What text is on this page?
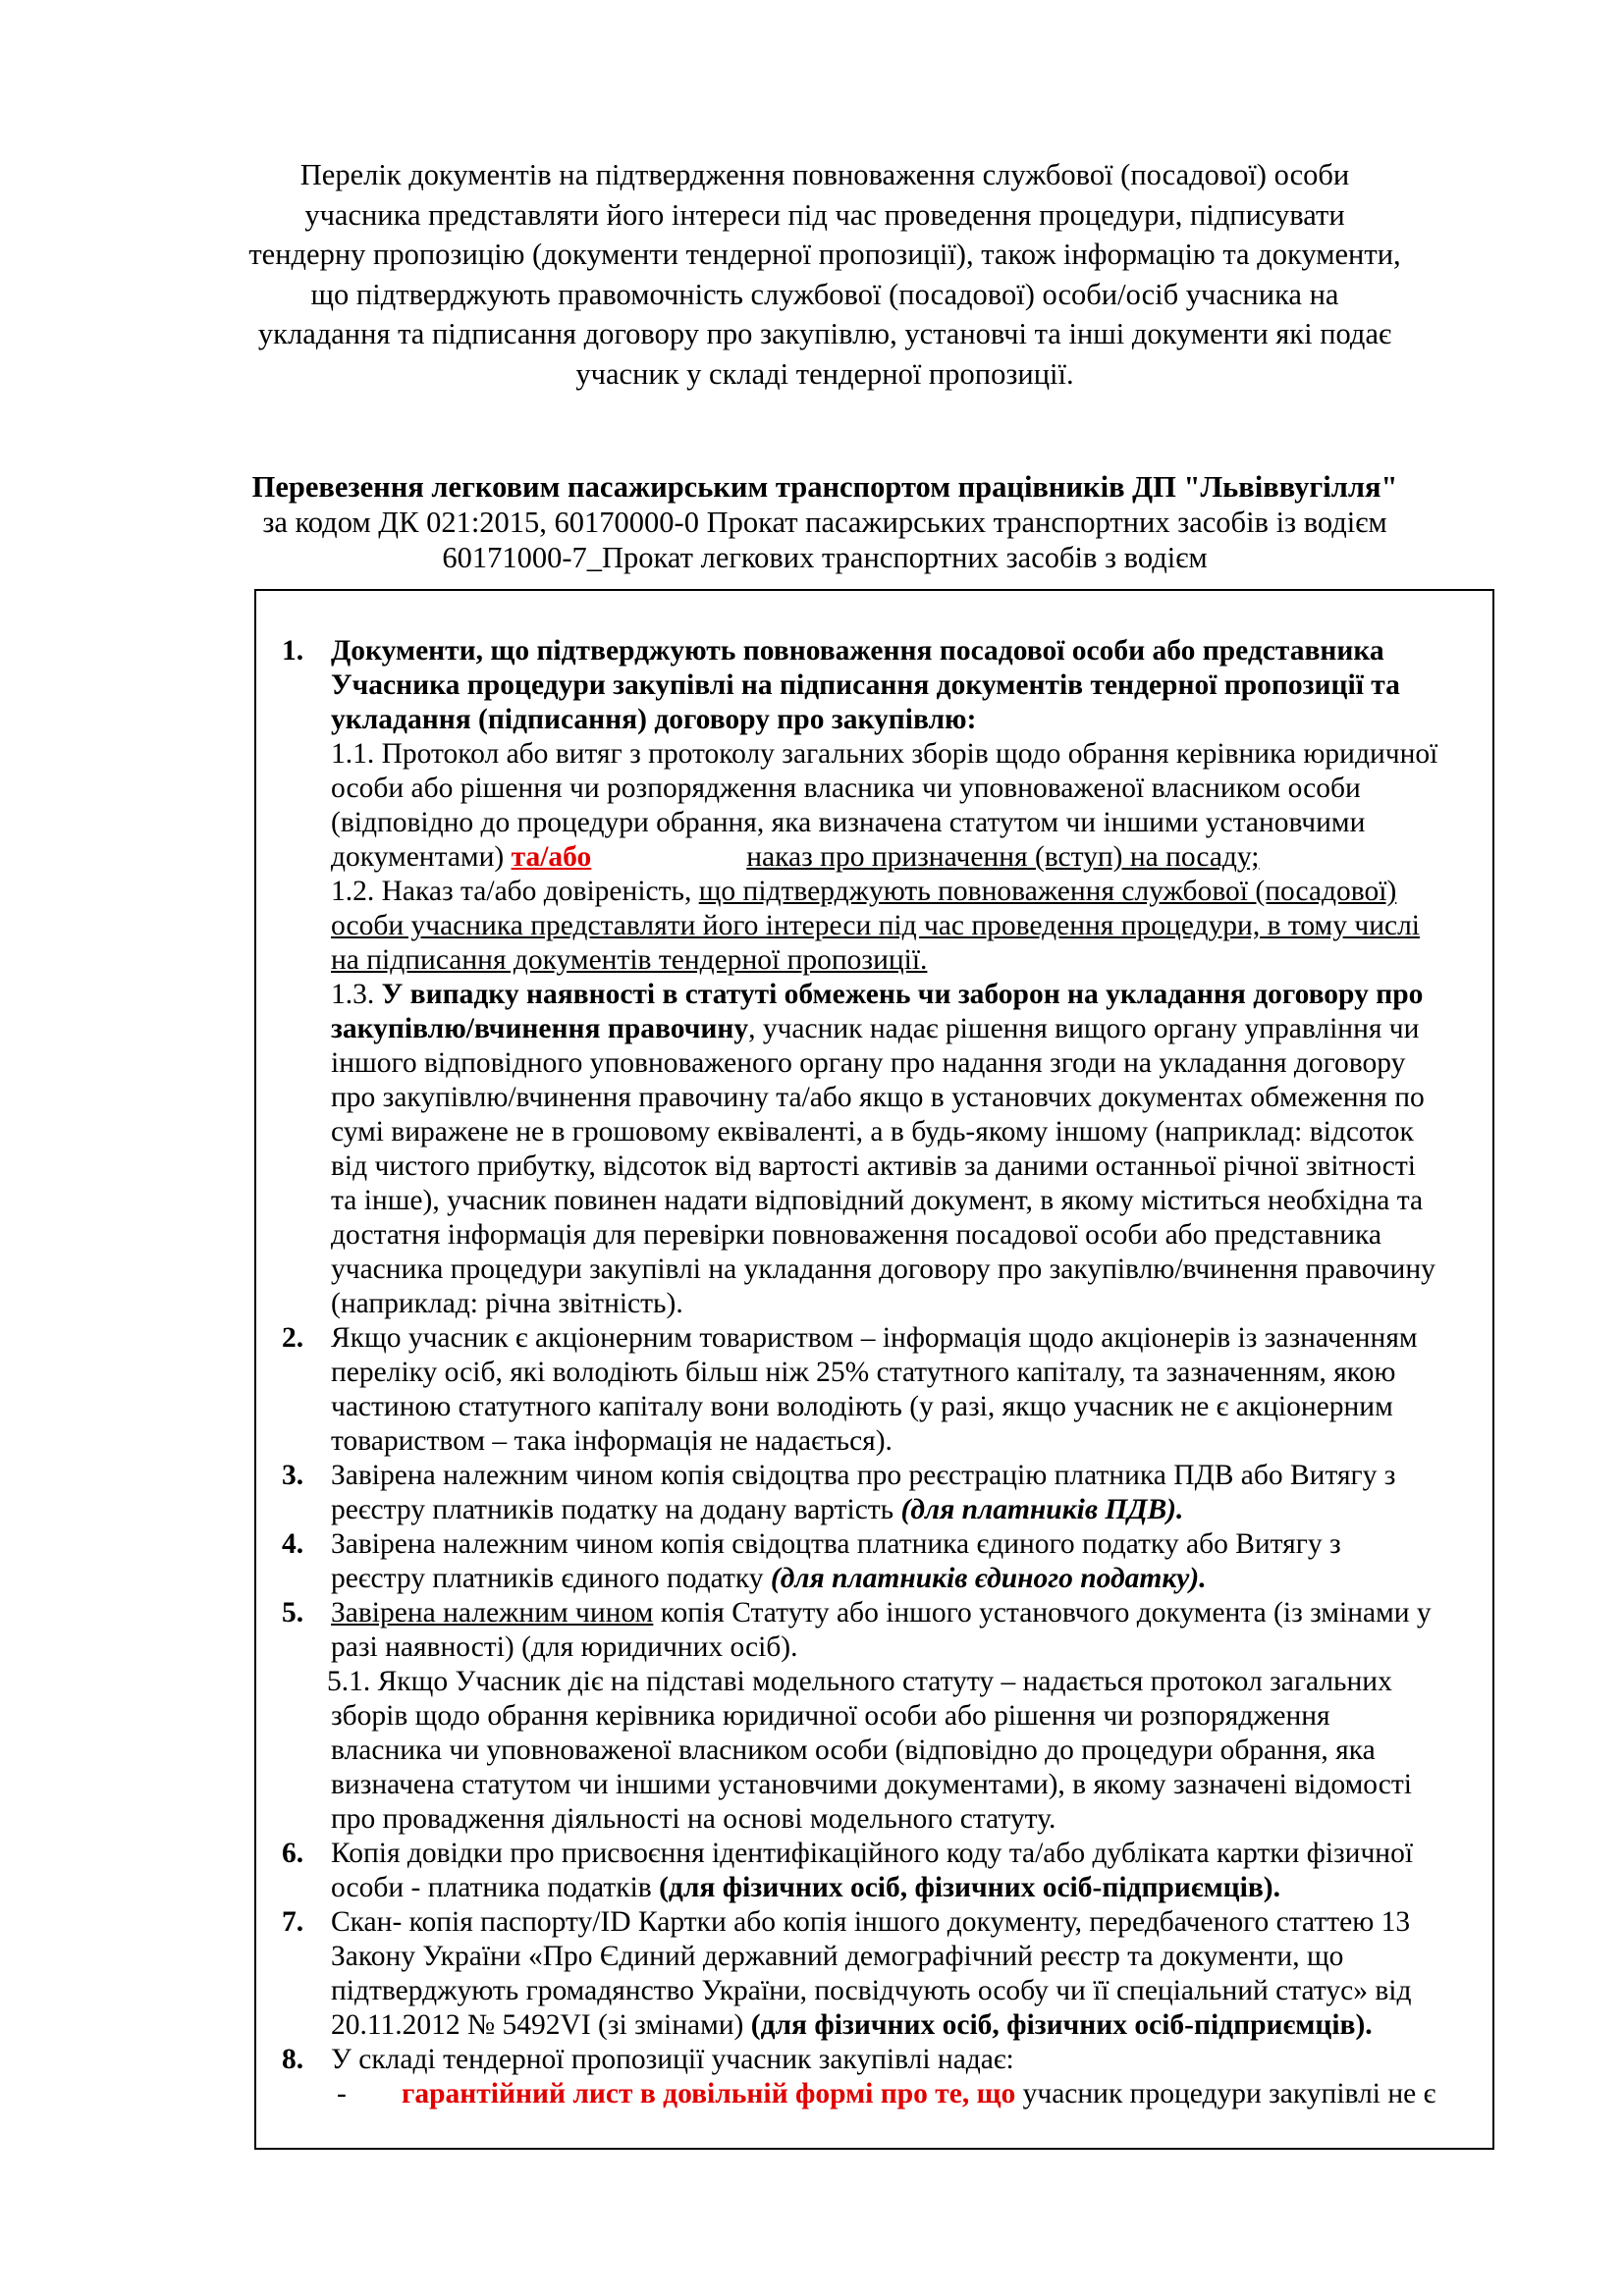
Перелік документів на підтвердження повноваження службової (посадової) особи
учасника представляти його інтереси під час проведення процедури, підписувати
тендерну пропозицію (документи тендерної пропозиції), також інформацію та документи,
що підтверджують правомочність службової (посадової) особи/осіб учасника на
укладання та підписання договору про закупівлю, установчі та інші документи які подає
учасник у складі тендерної пропозиції.
Перевезення легковим пасажирським транспортом працівників ДП "Львіввугілля"
за кодом ДК 021:2015, 60170000-0 Прокат пасажирських транспортних засобів із водієм
60171000-7_Прокат легкових транспортних засобів з водієм
1. Документи, що підтверджують повноваження посадової особи або представника
Учасника процедури закупівлі на підписання документів тендерної пропозиції та
укладання (підписання) договору про закупівлю:
1.1. Протокол або витяг з протоколу загальних зборів щодо обрання керівника юридичної
особи або рішення чи розпорядження власника чи уповноваженої власником особи
(відповідно до процедури обрання, яка визначена статутом чи іншими установчими
документами) та/або	наказ про призначення (вступ) на посаду;
1.2. Наказ та/або довіреність, що підтверджують повноваження службової (посадової)
особи учасника представляти його інтереси під час проведення процедури, в тому числі
на підписання документів тендерної пропозиції.
1.3. У випадку наявності в статуті обмежень чи заборон на укладання договору про
закупівлю/вчинення правочину, учасник надає рішення вищого органу управління чи
іншого відповідного уповноваженого органу про надання згоди на укладання договору
про закупівлю/вчинення правочину та/або якщо в установчих документах обмеження по
сумі виражене не в грошовому еквіваленті, а в будь-якому іншому (наприклад: відсоток
від чистого прибутку, відсоток від вартості активів за даними останньої річної звітності
та інше), учасник повинен надати відповідний документ, в якому міститься необхідна та
достатня інформація для перевірки повноваження посадової особи або представника
учасника процедури закупівлі на укладання договору про закупівлю/вчинення правочину
(наприклад: річна звітність).
2. Якщо учасник є акціонерним товариством – інформація щодо акціонерів із зазначенням
переліку осіб, які володіють більш ніж 25% статутного капіталу, та зазначенням, якою
частиною статутного капіталу вони володіють (у разі, якщо учасник не є акціонерним
товариством – така інформація не надається).
3. Завірена належним чином копія свідоцтва про реєстрацію платника ПДВ або Витягу з
реєстру платників податку на додану вартість (для платників ПДВ).
4. Завірена належним чином копія свідоцтва платника єдиного податку або Витягу з
реєстру платників єдиного податку (для платників єдиного податку).
5. Завірена належним чином копія Статуту або іншого установчого документа (із змінами у
разі наявності) (для юридичних осіб).
5.1. Якщо Учасник діє на підставі модельного статуту – надається протокол загальних
зборів щодо обрання керівника юридичної особи або рішення чи розпорядження
власника чи уповноваженої власником особи (відповідно до процедури обрання, яка
визначена статутом чи іншими установчими документами), в якому зазначені відомості
про провадження діяльності на основі модельного статуту.
6. Копія довідки про присвоєння ідентифікаційного коду та/або дубліката картки фізичної
особи - платника податків (для фізичних осіб, фізичних осіб-підприємців).
7. Скан- копія паспорту/ID Картки або копія іншого документу, передбаченого статтею 13
Закону України «Про Єдиний державний демографічний реєстр та документи, що
підтверджують громадянство України, посвідчують особу чи її спеціальний статус» від
20.11.2012 № 5492VI (зі змінами) (для фізичних осіб, фізичних осіб-підприємців).
8. У складі тендерної пропозиції учасник закупівлі надає:
- гарантійний лист в довільній формі про те, що учасник процедури закупівлі не є
